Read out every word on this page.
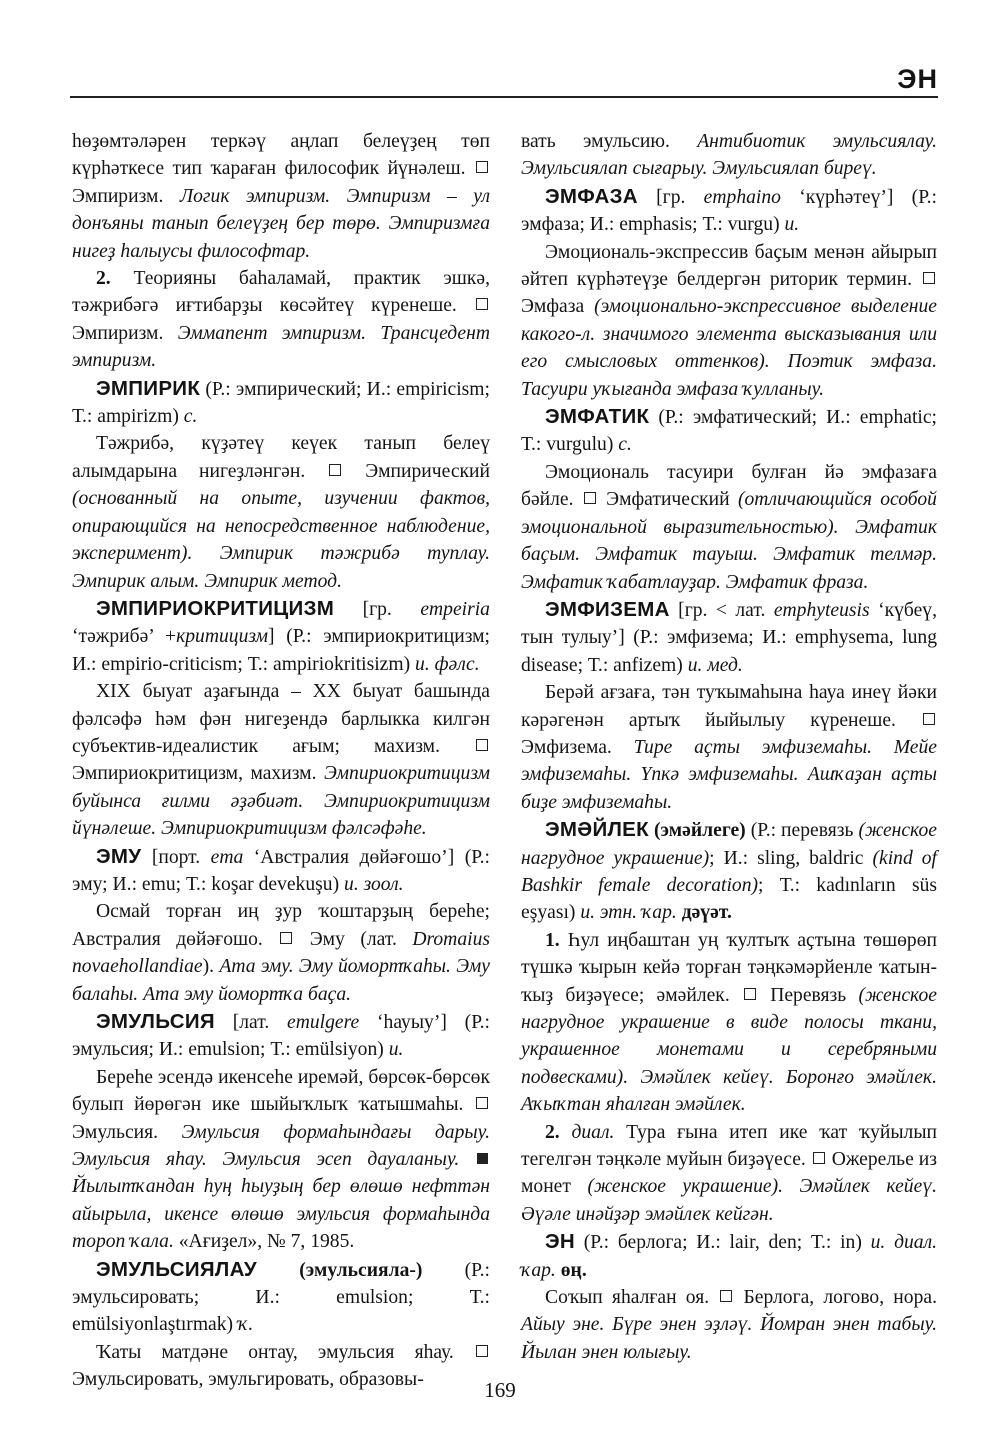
ЭН

һөҙөмтәләрен теркәү аңлап белеүҙең төп күрһәткесе тип ҡараған философик йүнәлеш.  Эмпиризм. Логик эмпиризм. Эмпиризм – ул донъяны танып белеүҙең бер төрө. Эмпиризмға нигеҙ һалыусы философтар.

2. Теорияны баһаламай, практик эшкә, тәжрибәгә иғтибарҙы көсәйтеү күренеше.  Эмпиризм. Эммапент эмпиризм. Трансцедент эмпиризм.

ЭМПИРИК (Р.: эмпирический; И.: empiricism; Т.: ampirizm) с.

Тәжрибә, күҙәтеү кеүек танып белеү алымдарына нигеҙләнгән.	Эмпирический (основанный на опыте, изучении фактов, опирающийся на непосредственное наблюдение, эксперимент). Эмпирик тәжрибә туплау. Эмпирик алым. Эмпирик метод.

ЭМПИРИОКРИТИЦИЗМ [гр. empeiria ‘тәжрибә’ +критицизм] (Р.: эмпириокритицизм; И.: empirio-criticism; Т.: ampiriokritisizm) и. фәлс.

XIX быуат аҙағында – XX быуат башында фәлсәфә һәм фән нигеҙендә барлыкка килгән субъектив-идеалистик ағым; махизм.  Эмпириокритицизм, махизм. Эмпириокритицизм буйынса ғилми әҙәбиәт. Эмпириокритицизм йүнәлеше. Эмпириокритицизм фәлсәфәһе.

ЭМУ [порт. ema ‘Австралия дөйәғошо’] (Р.: эму; И.: emu; Т.: koşar devekuşu) и. зоол.

Осмай торған иң ҙур ҡоштарҙың береһе; Австралия дөйәғошо. Эму (лат. Dromaius novaehollandiae). Ата эму. Эму йомортҡаһы. Эму балаһы. Ата эму йомортҡа баҫа.

ЭМУЛЬСИЯ [лат. emulgere ‘һауыу’] (Р.: эмульсия; И.: emulsion; Т.: emülsiyon) и.

Береһе эсендә икенсеһе иремәй, бөрсөк-бөрсөк булып йөрөгән ике шыйыҡлыҡ ҡатышмаһы.  Эмульсия. Эмульсия формаһындағы дарыу. Эмульсия яһау. Эмульсия эсеп дауаланыу.  Йылытҡандан һуң һыуҙың бер өлөшө нефттән айырыла, икенсе өлөшө эмульсия формаһында тороп ҡала. «Ағиҙел», № 7, 1985.

ЭМУЛЬСИЯЛАУ (эмульсияла-) (Р.: эмульсировать; И.: emulsion; Т.: emülsiyonlaştırmak) ҡ.

Ҡаты матдәне онтау, эмульсия яһау.  Эмульсировать, эмульгировать, образовы-

вать эмульсию. Антибиотик эмульсиялау. Эмульсиялап сығарыу. Эмульсиялап биреү.

ЭМФАЗА [гр. emphaino ‘күрһәтеү’] (Р.: эмфаза; И.: emphasis; Т.: vurgu) и.

Эмоциональ-экспрессив баҫым менән айырып әйтеп күрһәтеүҙе белдергән риторик термин.  Эмфаза (эмоционально-экспрессивное выделение какого-л. значимого элемента высказывания или его смысловых оттенков). Поэтик эмфаза. Тасуири уҡығанда эмфаза ҡулланыу.

ЭМФАТИК (Р.: эмфатический; И.: emphatic; Т.: vurgulu) с.

Эмоциональ тасуири булған йә эмфазаға бәйле. Эмфатический (отличающийся особой эмоциональной выразительностью). Эмфатик баҫым. Эмфатик тауыш. Эмфатик телмәр. Эмфатик ҡабатлауҙар. Эмфатик фраза.

ЭМФИЗЕМА [гр. < лат. emphyteusis ‘күбеү, тын тулыу’] (Р.: эмфизема; И.: emphysema, lung disease; Т.: anfizem) и. мед.

Берәй ағзаға, тән туҡымаһына һауа инеү йәки кәрәгенән артыҡ йыйылыу күренеше.  Эмфизема. Тире аҫты эмфиземаһы. Мейе эмфиземаһы. Үпкә эмфиземаһы. Ашҡаҙан аҫты биҙе эмфиземаһы.

ЭМӘЙЛЕК (эмәйлеге) (Р.: перевязь (женское нагрудное украшение); И.: sling, baldric (kind of Bashkir female decoration); Т.: kadınların süs eşyası) и. этн. ҡар. дәүәт.

1. Һул иңбаштан уң ҡултыҡ аҫтына төшөрөп түшкә ҡырын кейә торған тәңкәмәрйенле ҡатын-ҡыҙ биҙәүесе; әмәйлек. Перевязь (женское нагрудное украшение в виде полосы ткани, украшенное монетами и серебряными подвесками). Эмәйлек кейеү. Боронғо эмәйлек. Аҡыҡтан яһалған эмәйлек.

2. диал. Тура ғына итеп ике ҡат ҡуйылып тегелгән тәңкәле муйын биҙәүесе. Ожерелье из монет (женское украшение). Эмәйлек кейеү. Әүәле инәйҙәр эмәйлек кейгән.

ЭН (Р.: берлога; И.: lair, den; Т.: in) и. диал. ҡар. өң.

Соҡып яһалған оя. Берлога, логово, нора. Айыу эне. Бүре энен эҙләү. Йомран энен табыу. Йылан энен юлығыу.

169
